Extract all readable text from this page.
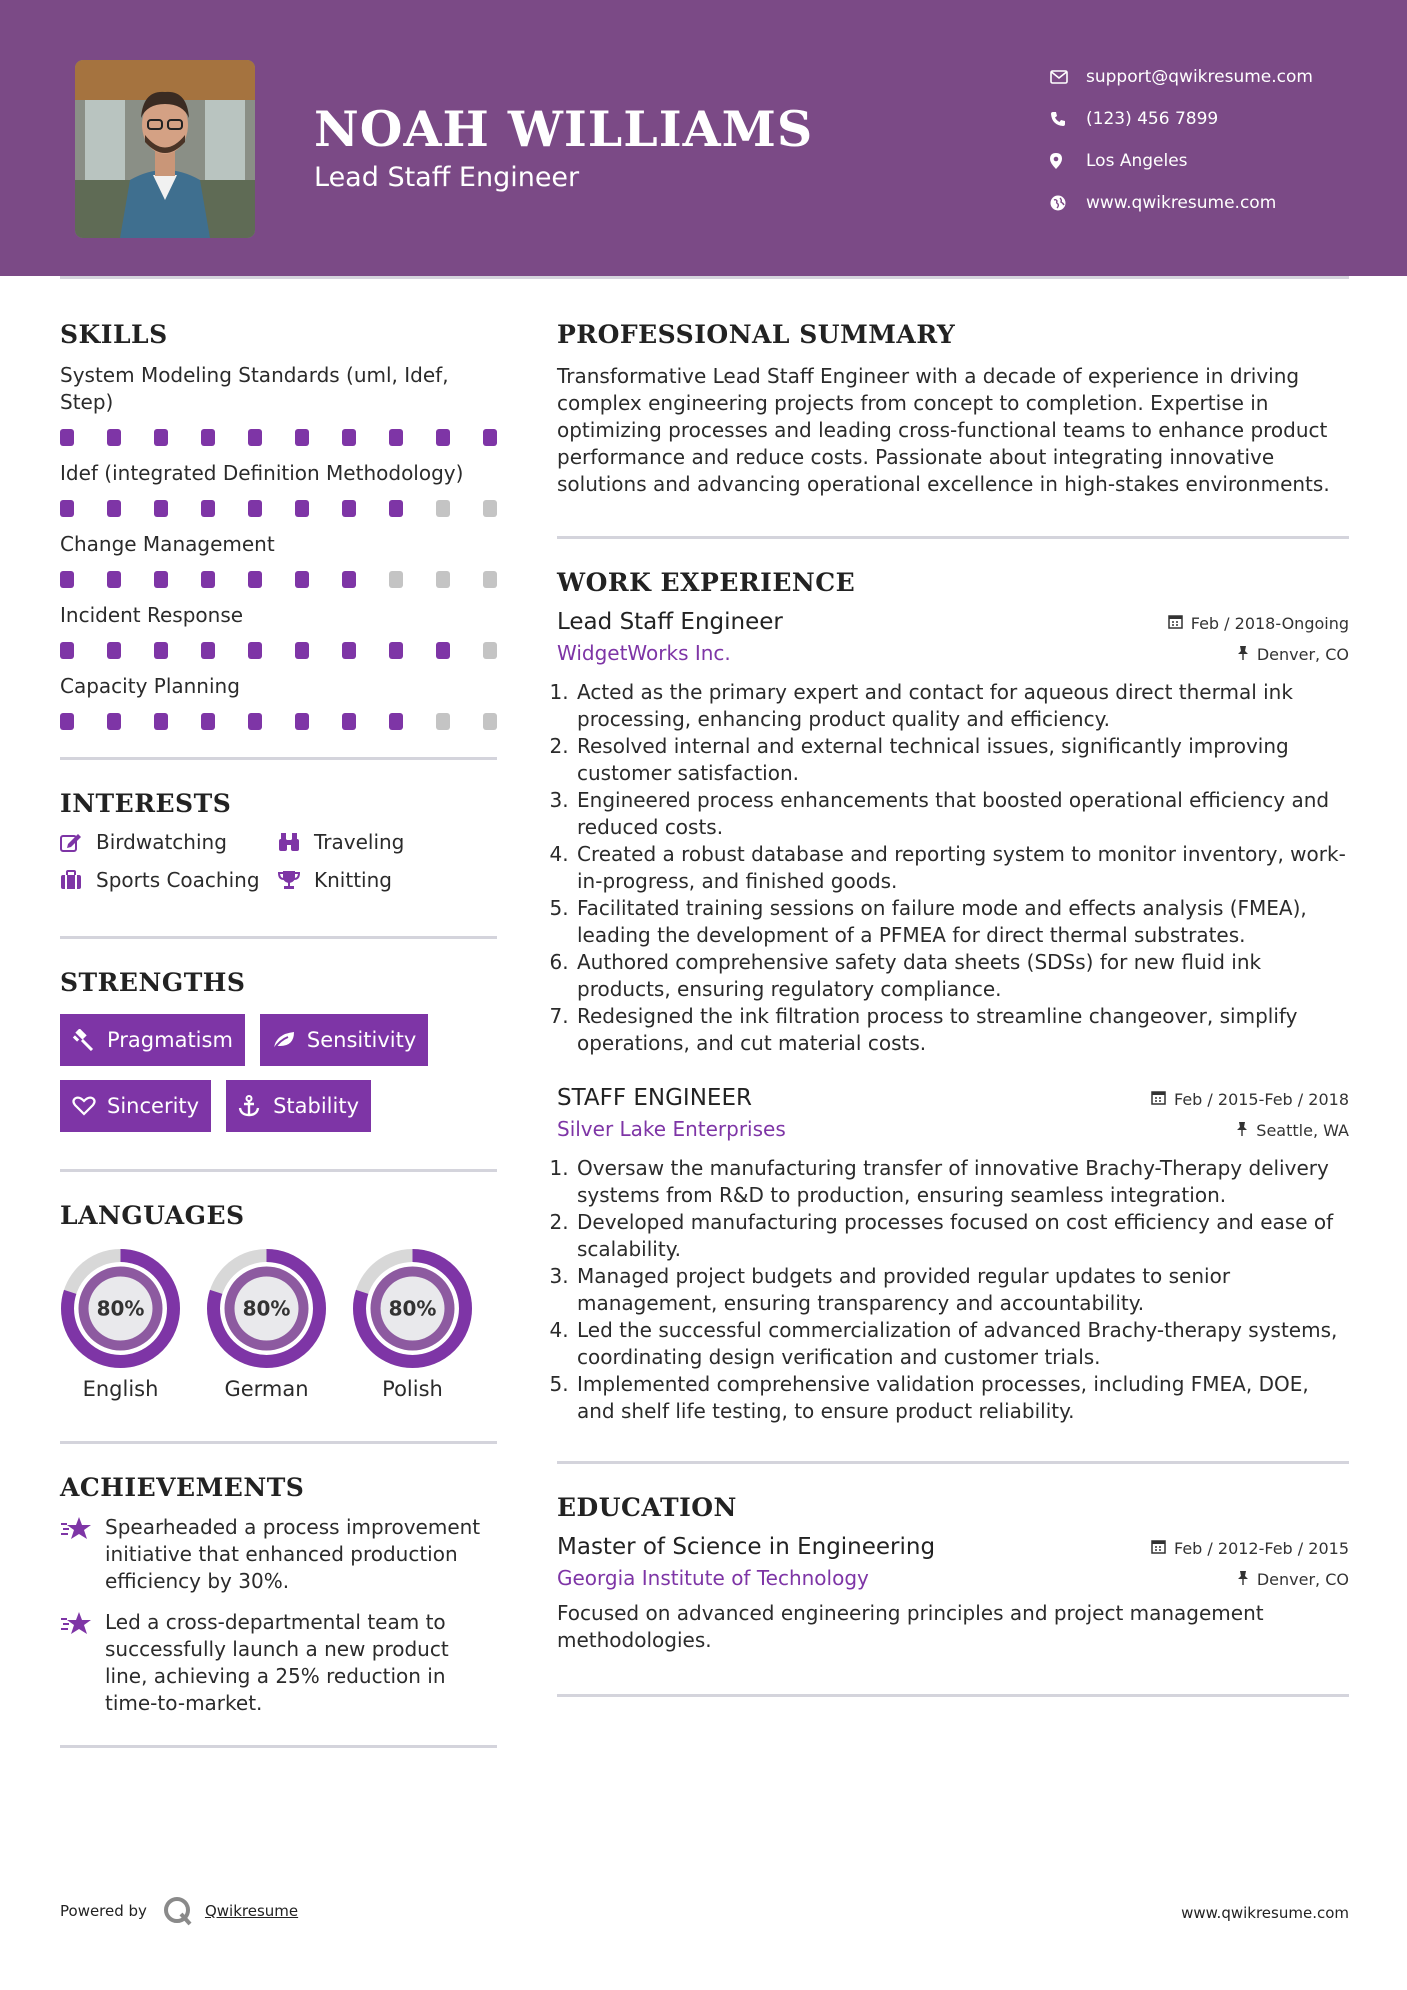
NOAH WILLIAMS
Lead Staff Engineer
support@qwikresume.com
(123) 456 7899
Los Angeles
www.qwikresume.com
SKILLS
System Modeling Standards (uml, Idef, Step)
Idef (integrated Definition Methodology)
Change Management
Incident Response
Capacity Planning
INTERESTS
Birdwatching	Traveling
Sports Coaching	Knitting
STRENGTHS
Pragmatism	Sensitivity
Sincerity	Stability
LANGUAGES
80%
English
80%
German
80%
Polish
ACHIEVEMENTS
Spearheaded a process improvement initiative that enhanced production efficiency by 30%.
Led a cross-departmental team to successfully launch a new product line, achieving a 25% reduction in time-to-market.
PROFESSIONAL SUMMARY
Transformative Lead Staff Engineer with a decade of experience in driving complex engineering projects from concept to completion. Expertise in optimizing processes and leading cross-functional teams to enhance product performance and reduce costs. Passionate about integrating innovative solutions and advancing operational excellence in high-stakes environments.
WORK EXPERIENCE
Lead Staff Engineer	Feb / 2018-Ongoing
WidgetWorks Inc.	Denver, CO
1. Acted as the primary expert and contact for aqueous direct thermal ink processing, enhancing product quality and efficiency.
2. Resolved internal and external technical issues, significantly improving customer satisfaction.
3. Engineered process enhancements that boosted operational efficiency and reduced costs.
4. Created a robust database and reporting system to monitor inventory, work-in-progress, and finished goods.
5. Facilitated training sessions on failure mode and effects analysis (FMEA), leading the development of a PFMEA for direct thermal substrates.
6. Authored comprehensive safety data sheets (SDSs) for new fluid ink products, ensuring regulatory compliance.
7. Redesigned the ink filtration process to streamline changeover, simplify operations, and cut material costs.
STAFF ENGINEER	Feb / 2015-Feb / 2018
Silver Lake Enterprises	Seattle, WA
1. Oversaw the manufacturing transfer of innovative Brachy-Therapy delivery systems from R&D to production, ensuring seamless integration.
2. Developed manufacturing processes focused on cost efficiency and ease of scalability.
3. Managed project budgets and provided regular updates to senior management, ensuring transparency and accountability.
4. Led the successful commercialization of advanced Brachy-therapy systems, coordinating design verification and customer trials.
5. Implemented comprehensive validation processes, including FMEA, DOE, and shelf life testing, to ensure product reliability.
EDUCATION
Master of Science in Engineering	Feb / 2012-Feb / 2015
Georgia Institute of Technology	Denver, CO
Focused on advanced engineering principles and project management methodologies.
Powered by	Qwikresume	www.qwikresume.com
